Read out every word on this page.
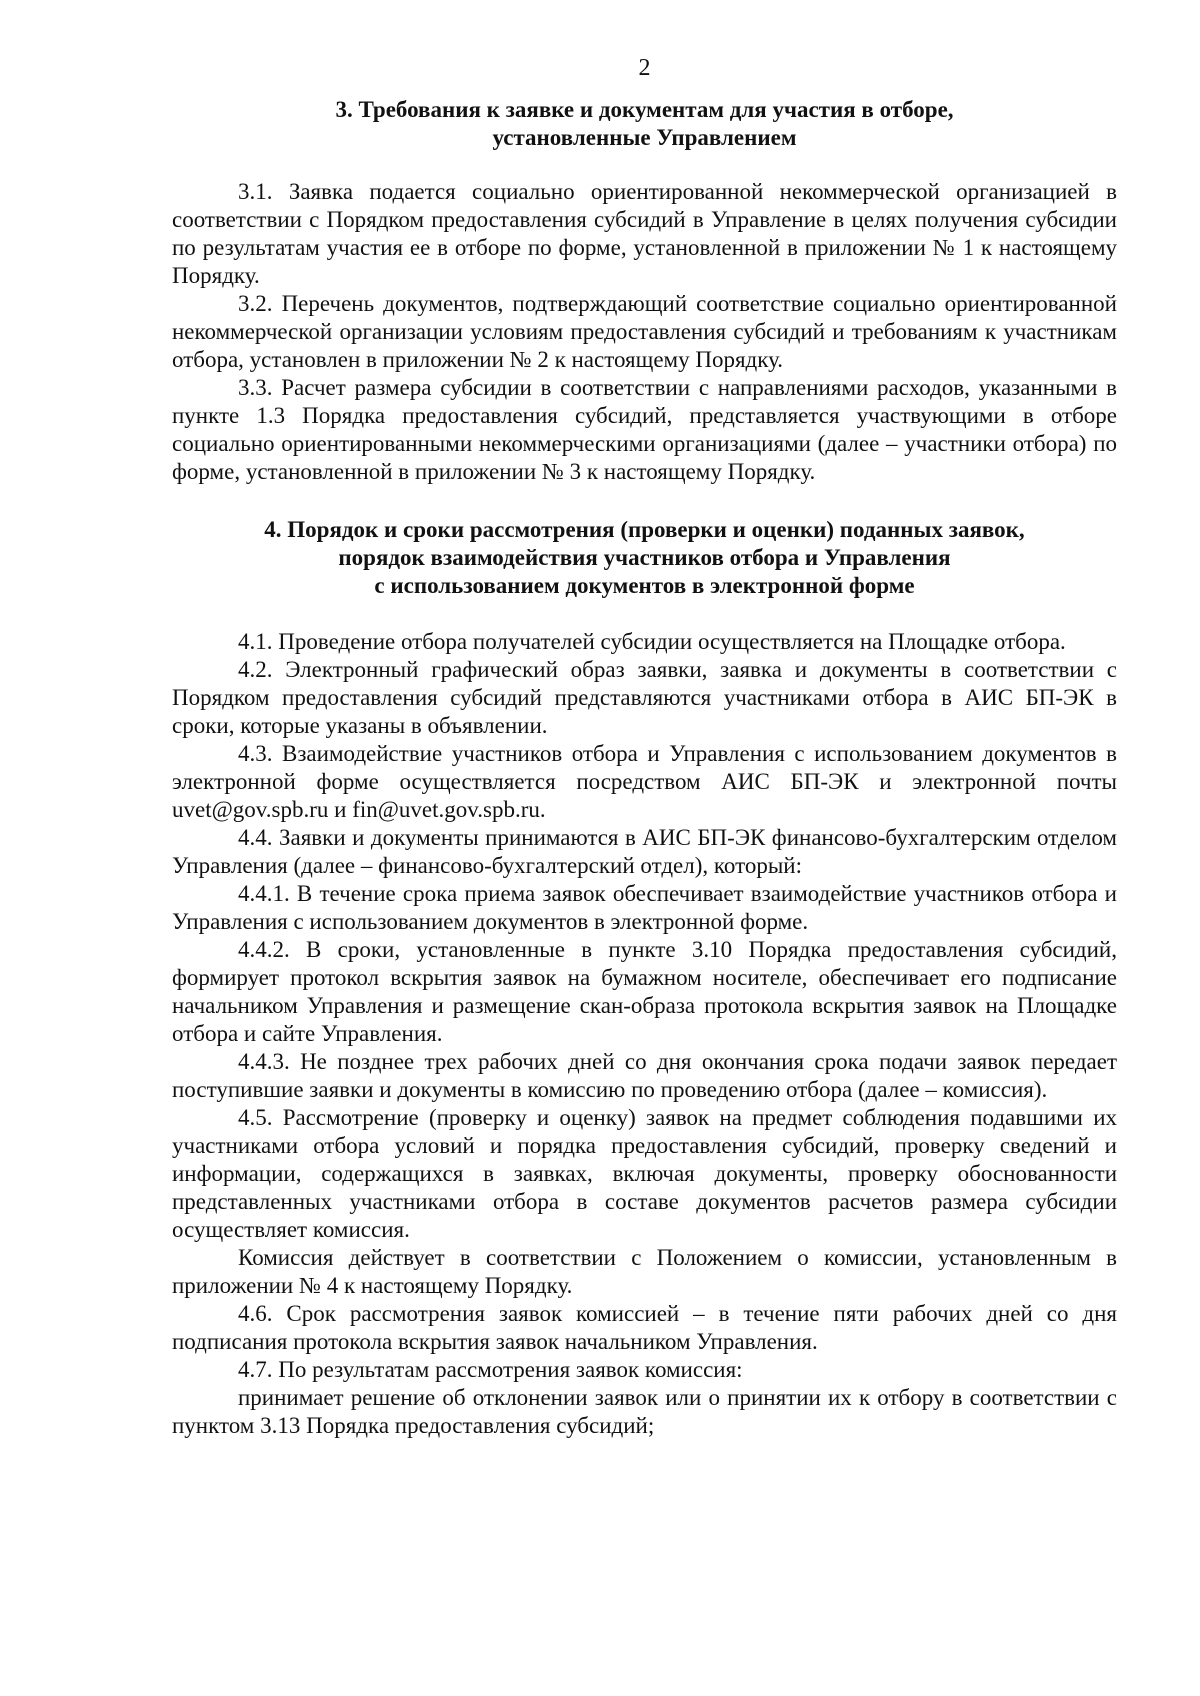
2
3. Требования к заявке и документам для участия в отборе,
установленные Управлением

3.1. Заявка подается социально ориентированной некоммерческой организацией в соответствии с Порядком предоставления субсидий в Управление в целях получения субсидии по результатам участия ее в отборе по форме, установленной в приложении № 1 к настоящему Порядку.

3.2. Перечень документов, подтверждающий соответствие социально ориентированной некоммерческой организации условиям предоставления субсидий и требованиям к участникам отбора, установлен в приложении № 2 к настоящему Порядку.

3.3. Расчет размера субсидии в соответствии с направлениями расходов, указанными в пункте 1.3 Порядка предоставления субсидий, представляется участвующими в отборе социально ориентированными некоммерческими организациями (далее – участники отбора) по форме, установленной в приложении № 3 к настоящему Порядку.

4. Порядок и сроки рассмотрения (проверки и оценки) поданных заявок,
порядок взаимодействия участников отбора и Управления
с использованием документов в электронной форме

4.1. Проведение отбора получателей субсидии осуществляется на Площадке отбора.

4.2. Электронный графический образ заявки, заявка и документы в соответствии с Порядком предоставления субсидий представляются участниками отбора в АИС БП-ЭК в сроки, которые указаны в объявлении.

4.3. Взаимодействие участников отбора и Управления с использованием документов в электронной форме осуществляется посредством АИС БП-ЭК и электронной почты uvet@gov.spb.ru и fin@uvet.gov.spb.ru.

4.4. Заявки и документы принимаются в АИС БП-ЭК финансово-бухгалтерским отделом Управления (далее – финансово-бухгалтерский отдел), который:

4.4.1. В течение срока приема заявок обеспечивает взаимодействие участников отбора и Управления с использованием документов в электронной форме.

4.4.2. В сроки, установленные в пункте 3.10 Порядка предоставления субсидий, формирует протокол вскрытия заявок на бумажном носителе, обеспечивает его подписание начальником Управления и размещение скан-образа протокола вскрытия заявок на Площадке отбора и сайте Управления.

4.4.3. Не позднее трех рабочих дней со дня окончания срока подачи заявок передает поступившие заявки и документы в комиссию по проведению отбора (далее – комиссия).

4.5. Рассмотрение (проверку и оценку) заявок на предмет соблюдения подавшими их участниками отбора условий и порядка предоставления субсидий, проверку сведений и информации, содержащихся в заявках, включая документы, проверку обоснованности представленных участниками отбора в составе документов расчетов размера субсидии осуществляет комиссия.

Комиссия действует в соответствии с Положением о комиссии, установленным в приложении № 4 к настоящему Порядку.

4.6. Срок рассмотрения заявок комиссией – в течение пяти рабочих дней со дня подписания протокола вскрытия заявок начальником Управления.

4.7. По результатам рассмотрения заявок комиссия:

принимает решение об отклонении заявок или о принятии их к отбору в соответствии с пунктом 3.13 Порядка предоставления субсидий;
